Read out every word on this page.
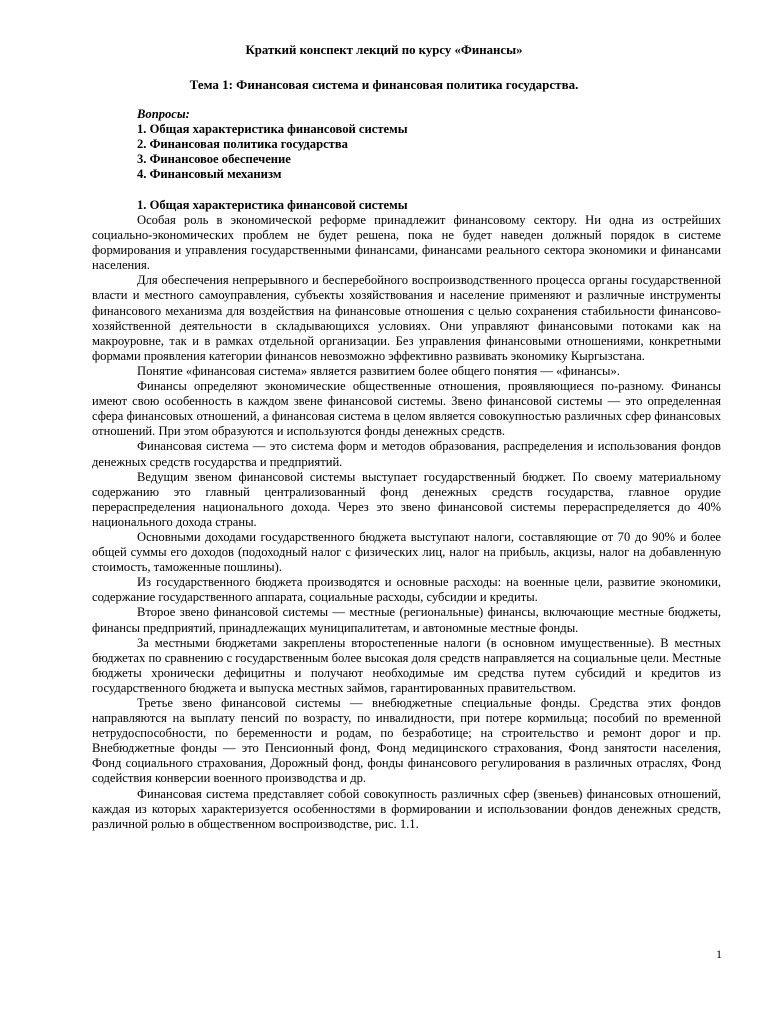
Краткий конспект лекций по курсу «Финансы»
Тема 1: Финансовая система и финансовая политика государства.
Вопросы:
1. Общая характеристика финансовой системы
2. Финансовая политика государства
3. Финансовое обеспечение
4. Финансовый механизм
1. Общая характеристика финансовой системы

Особая роль в экономической реформе принадлежит финансовому сектору. Ни одна из острейших социально-экономических проблем не будет решена, пока не будет наведен должный порядок в системе формирования и управления государственными финансами, финансами реального сектора экономики и финансами населения.

Для обеспечения непрерывного и бесперебойного воспроизводственного процесса органы государственной власти и местного самоуправления, субъекты хозяйствования и население применяют и различные инструменты финансового механизма для воздействия на финансовые отношения с целью сохранения стабильности финансово-хозяйственной деятельности в складывающихся условиях. Они управляют финансовыми потоками как на макроуровне, так и в рамках отдельной организации. Без управления финансовыми отношениями, конкретными формами проявления категории финансов невозможно эффективно развивать экономику Кыргызстана.

Понятие «финансовая система» является развитием более общего понятия — «финансы».

Финансы определяют экономические общественные отношения, проявляющиеся по-разному. Финансы имеют свою особенность в каждом звене финансовой системы. Звено финансовой системы — это определенная сфера финансовых отношений, а финансовая система в целом является совокупностью различных сфер финансовых отношений. При этом образуются и используются фонды денежных средств.

Финансовая система — это система форм и методов образования, распределения и использования фондов денежных средств государства и предприятий.

Ведущим звеном финансовой системы выступает государственный бюджет. По своему материальному содержанию это главный централизованный фонд денежных средств государства, главное орудие перераспределения национального дохода. Через это звено финансовой системы перераспределяется до 40% национального дохода страны.

Основными доходами государственного бюджета выступают налоги, составляющие от 70 до 90% и более общей суммы его доходов (подоходный налог с физических лиц, налог на прибыль, акцизы, налог на добавленную стоимость, таможенные пошлины).

Из государственного бюджета производятся и основные расходы: на военные цели, развитие экономики, содержание государственного аппарата, социальные расходы, субсидии и кредиты.

Второе звено финансовой системы — местные (региональные) финансы, включающие местные бюджеты, финансы предприятий, принадлежащих муниципалитетам, и автономные местные фонды.

За местными бюджетами закреплены второстепенные налоги (в основном имущественные). В местных бюджетах по сравнению с государственным более высокая доля средств направляется на социальные цели. Местные бюджеты хронически дефицитны и получают необходимые им средства путем субсидий и кредитов из государственного бюджета и выпуска местных займов, гарантированных правительством.

Третье звено финансовой системы — внебюджетные специальные фонды. Средства этих фондов направляются на выплату пенсий по возрасту, по инвалидности, при потере кормильца; пособий по временной нетрудоспособности, по беременности и родам, по безработице; на строительство и ремонт дорог и пр. Внебюджетные фонды — это Пенсионный фонд, Фонд медицинского страхования, Фонд занятости населения, Фонд социального страхования, Дорожный фонд, фонды финансового регулирования в различных отраслях, Фонд содействия конверсии военного производства и др.

Финансовая система представляет собой совокупность различных сфер (звеньев) финансовых отношений, каждая из которых характеризуется особенностями в формировании и использовании фондов денежных средств, различной ролью в общественном воспроизводстве, рис. 1.1.

1
